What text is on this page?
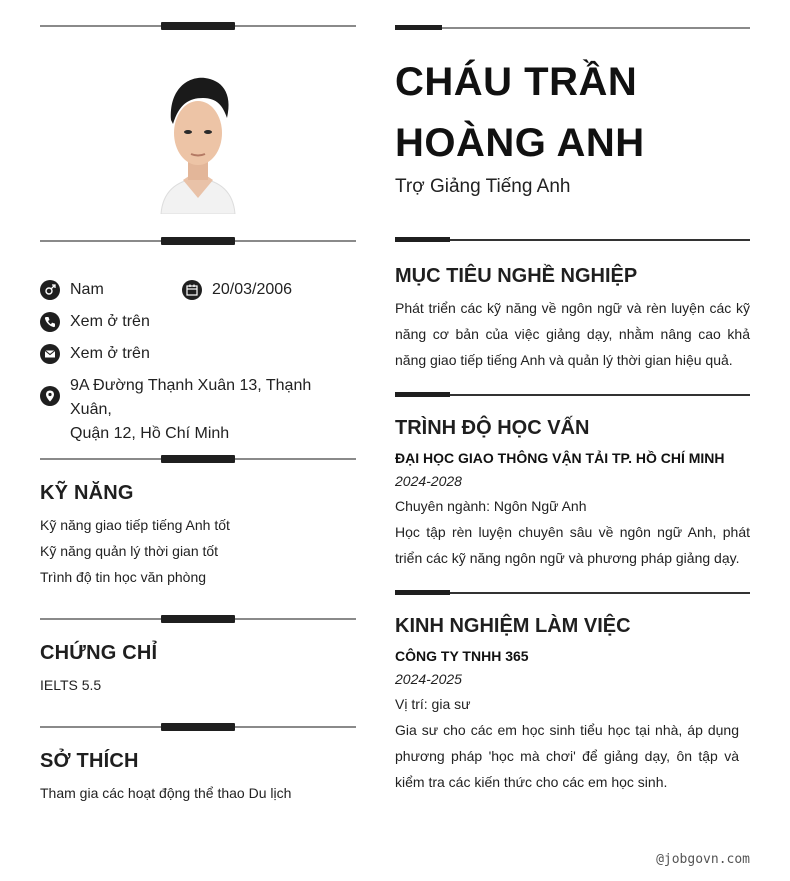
Nam	20/03/2006
Xem ở trên
Xem ở trên
9A Đường Thạnh Xuân 13, Thạnh Xuân,
Quận 12, Hồ Chí Minh
KỸ NĂNG
Kỹ năng giao tiếp tiếng Anh tốt
Kỹ năng quản lý thời gian tốt
Trình độ tin học văn phòng
CHỨNG CHỈ
IELTS 5.5
SỞ THÍCH
Tham gia các hoạt động thể thao Du lịch
CHÁU TRẦN
HOÀNG ANH
Trợ Giảng Tiếng Anh
MỤC TIÊU NGHỀ NGHIỆP
Phát triển các kỹ năng về ngôn ngữ và rèn luyện các kỹ
năng cơ bản của việc giảng dạy, nhằm nâng cao khả
năng giao tiếp tiếng Anh và quản lý thời gian hiệu quả.
TRÌNH ĐỘ HỌC VẤN
ĐẠI HỌC GIAO THÔNG VẬN TẢI TP. HỒ CHÍ MINH
2024-2028
Chuyên ngành: Ngôn Ngữ Anh
Học tập rèn luyện chuyên sâu về ngôn ngữ Anh, phát
triển các kỹ năng ngôn ngữ và phương pháp giảng dạy.
KINH NGHIỆM LÀM VIỆC
CÔNG TY TNHH 365
2024-2025
Vị trí: gia sư
Gia sư cho các em học sinh tiểu học tại nhà, áp dụng
phương pháp 'học mà chơi' để giảng dạy, ôn tập và
kiểm tra các kiến thức cho các em học sinh.
@jobgovn.com
